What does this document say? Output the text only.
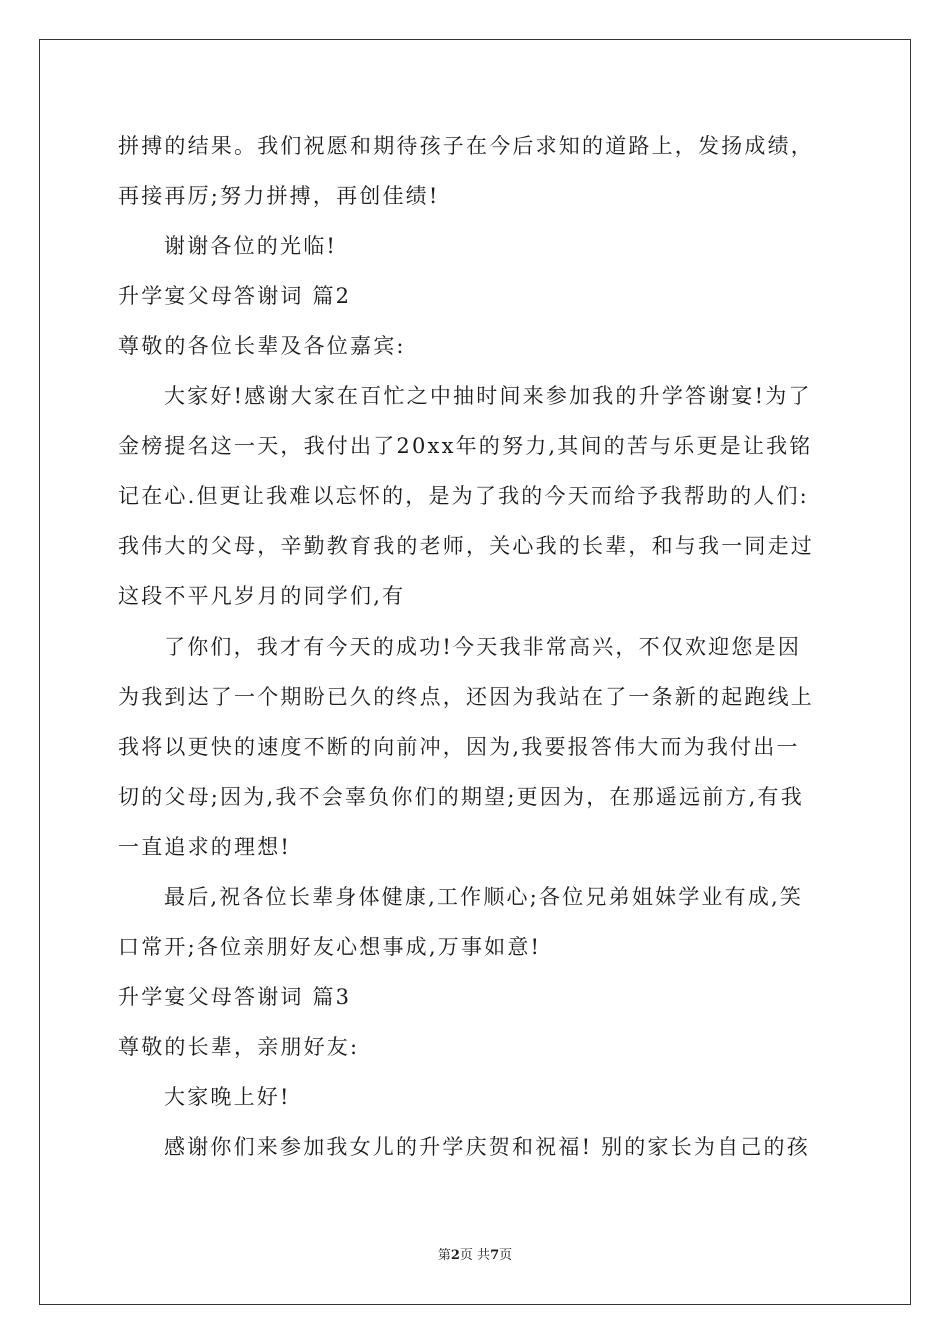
拼搏的结果。我们祝愿和期待孩子在今后求知的道路上，发扬成绩，
再接再厉;努力拼搏，再创佳绩!
谢谢各位的光临!
升学宴父母答谢词 篇2
尊敬的各位长辈及各位嘉宾:
大家好!感谢大家在百忙之中抽时间来参加我的升学答谢宴!为了
金榜提名这一天，我付出了20xx年的努力,其间的苦与乐更是让我铭
记在心.但更让我难以忘怀的，是为了我的今天而给予我帮助的人们:
我伟大的父母，辛勤教育我的老师，关心我的长辈，和与我一同走过
这段不平凡岁月的同学们,有
了你们，我才有今天的成功!今天我非常高兴，不仅欢迎您是因
为我到达了一个期盼已久的终点，还因为我站在了一条新的起跑线上
我将以更快的速度不断的向前冲，因为,我要报答伟大而为我付出一
切的父母;因为,我不会辜负你们的期望;更因为，在那遥远前方,有我
一直追求的理想!
最后,祝各位长辈身体健康,工作顺心;各位兄弟姐妹学业有成,笑
口常开;各位亲朋好友心想事成,万事如意!
升学宴父母答谢词 篇3
尊敬的长辈，亲朋好友:
大家晚上好!
感谢你们来参加我女儿的升学庆贺和祝福! 别的家长为自己的孩
第2页 共7页
